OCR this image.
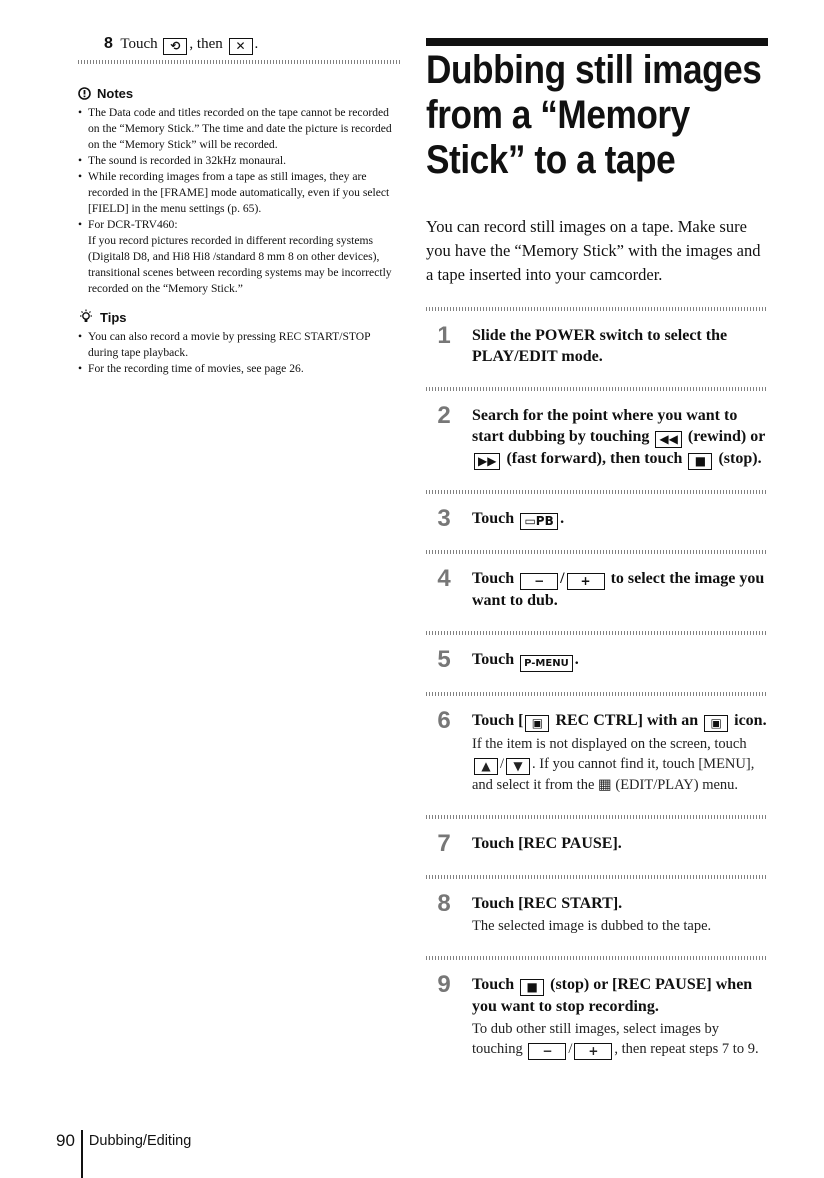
8 Touch ⟲ , then ✕ .
Notes
• The Data code and titles recorded on the tape cannot be recorded on the “Memory Stick.” The time and date the picture is recorded on the “Memory Stick” will be recorded.
• The sound is recorded in 32kHz monaural.
• While recording images from a tape as still images, they are recorded in the [FRAME] mode automatically, even if you select [FIELD] in the menu settings (p. 65).
• For DCR-TRV460:
If you record pictures recorded in different recording systems (Digital8 D8, and Hi8 Hi8 /standard 8 mm 8 on other devices), transitional scenes between recording systems may be incorrectly recorded on the “Memory Stick.”
Tips
• You can also record a movie by pressing REC START/STOP during tape playback.
• For the recording time of movies, see page 26.
Dubbing still images from a “Memory Stick” to a tape
You can record still images on a tape. Make sure you have the “Memory Stick” with the images and a tape inserted into your camcorder.
1	Slide the POWER switch to select the PLAY/EDIT mode.
2	Search for the point where you want to start dubbing by touching ◀◀ (rewind) or ▶▶ (fast forward), then touch ■ (stop).
3	Touch ▭PB .
4	Touch − / + to select the image you want to dub.
5	Touch P-MENU .
6	Touch [ ▣ REC CTRL] with an ▣ icon.
If the item is not displayed on the screen, touch ▲ / ▼ . If you cannot find it, touch [MENU], and select it from the ▦ (EDIT/PLAY) menu.
7	Touch [REC PAUSE].
8	Touch [REC START].
The selected image is dubbed to the tape.
9	Touch ■ (stop) or [REC PAUSE] when you want to stop recording.
To dub other still images, select images by touching − / + , then repeat steps 7 to 9.
90 Dubbing/Editing
